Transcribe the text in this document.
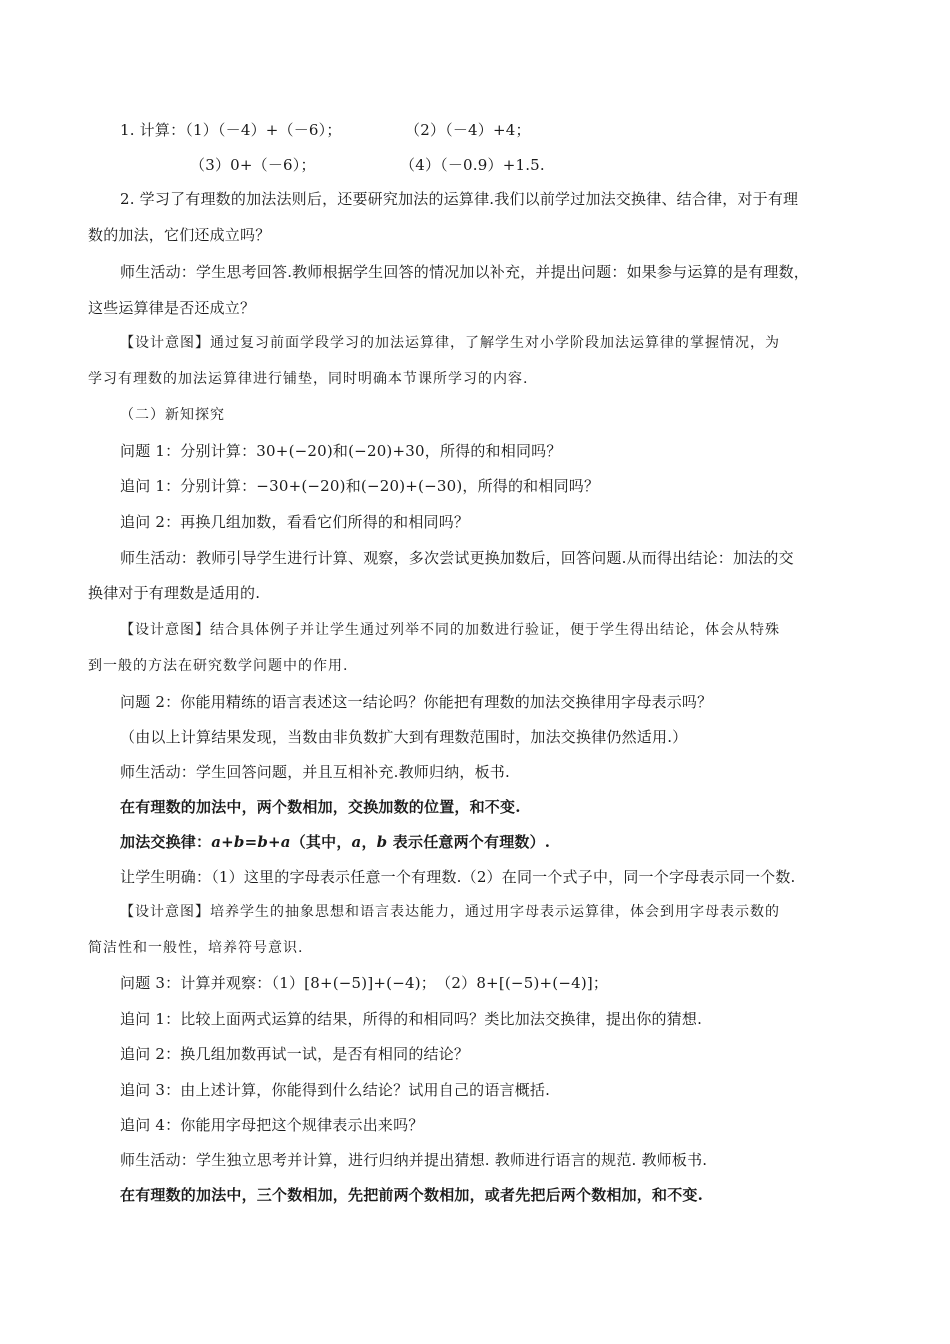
1. 计算：（1）（－4）+（－6）；	（2）（－4）+4；
（3）0+（－6）；	（4）（－0.9）+1.5.
2. 学习了有理数的加法法则后，还要研究加法的运算律.我们以前学过加法交换律、结合律，对于有理
数的加法，它们还成立吗？
师生活动：学生思考回答.教师根据学生回答的情况加以补充，并提出问题：如果参与运算的是有理数，
这些运算律是否还成立？
【设计意图】通过复习前面学段学习的加法运算律，了解学生对小学阶段加法运算律的掌握情况，为
学习有理数的加法运算律进行铺垫，同时明确本节课所学习的内容.
（二）新知探究
问题 1：分别计算：30+(−20)和(−20)+30，所得的和相同吗？
追问 1：分别计算：−30+(−20)和(−20)+(−30)，所得的和相同吗？
追问 2：再换几组加数，看看它们所得的和相同吗？
师生活动：教师引导学生进行计算、观察，多次尝试更换加数后，回答问题.从而得出结论：加法的交
换律对于有理数是适用的.
【设计意图】结合具体例子并让学生通过列举不同的加数进行验证，便于学生得出结论，体会从特殊
到一般的方法在研究数学问题中的作用.
问题 2：你能用精练的语言表述这一结论吗？你能把有理数的加法交换律用字母表示吗？
（由以上计算结果发现，当数由非负数扩大到有理数范围时，加法交换律仍然适用.）
师生活动：学生回答问题，并且互相补充.教师归纳，板书.
在有理数的加法中，两个数相加，交换加数的位置，和不变.
加法交换律：a+b=b+a（其中，a，b 表示任意两个有理数）.
让学生明确：（1）这里的字母表示任意一个有理数.（2）在同一个式子中，同一个字母表示同一个数.
【设计意图】培养学生的抽象思想和语言表达能力，通过用字母表示运算律，体会到用字母表示数的
简洁性和一般性，培养符号意识.
问题 3：计算并观察：（1）[8+(−5)]+(−4)；　（2）8+[(−5)+(−4)]；
追问 1：比较上面两式运算的结果，所得的和相同吗？类比加法交换律，提出你的猜想.
追问 2：换几组加数再试一试，是否有相同的结论？
追问 3：由上述计算，你能得到什么结论？试用自己的语言概括.
追问 4：你能用字母把这个规律表示出来吗？
师生活动：学生独立思考并计算，进行归纳并提出猜想. 教师进行语言的规范. 教师板书.
在有理数的加法中，三个数相加，先把前两个数相加，或者先把后两个数相加，和不变.
